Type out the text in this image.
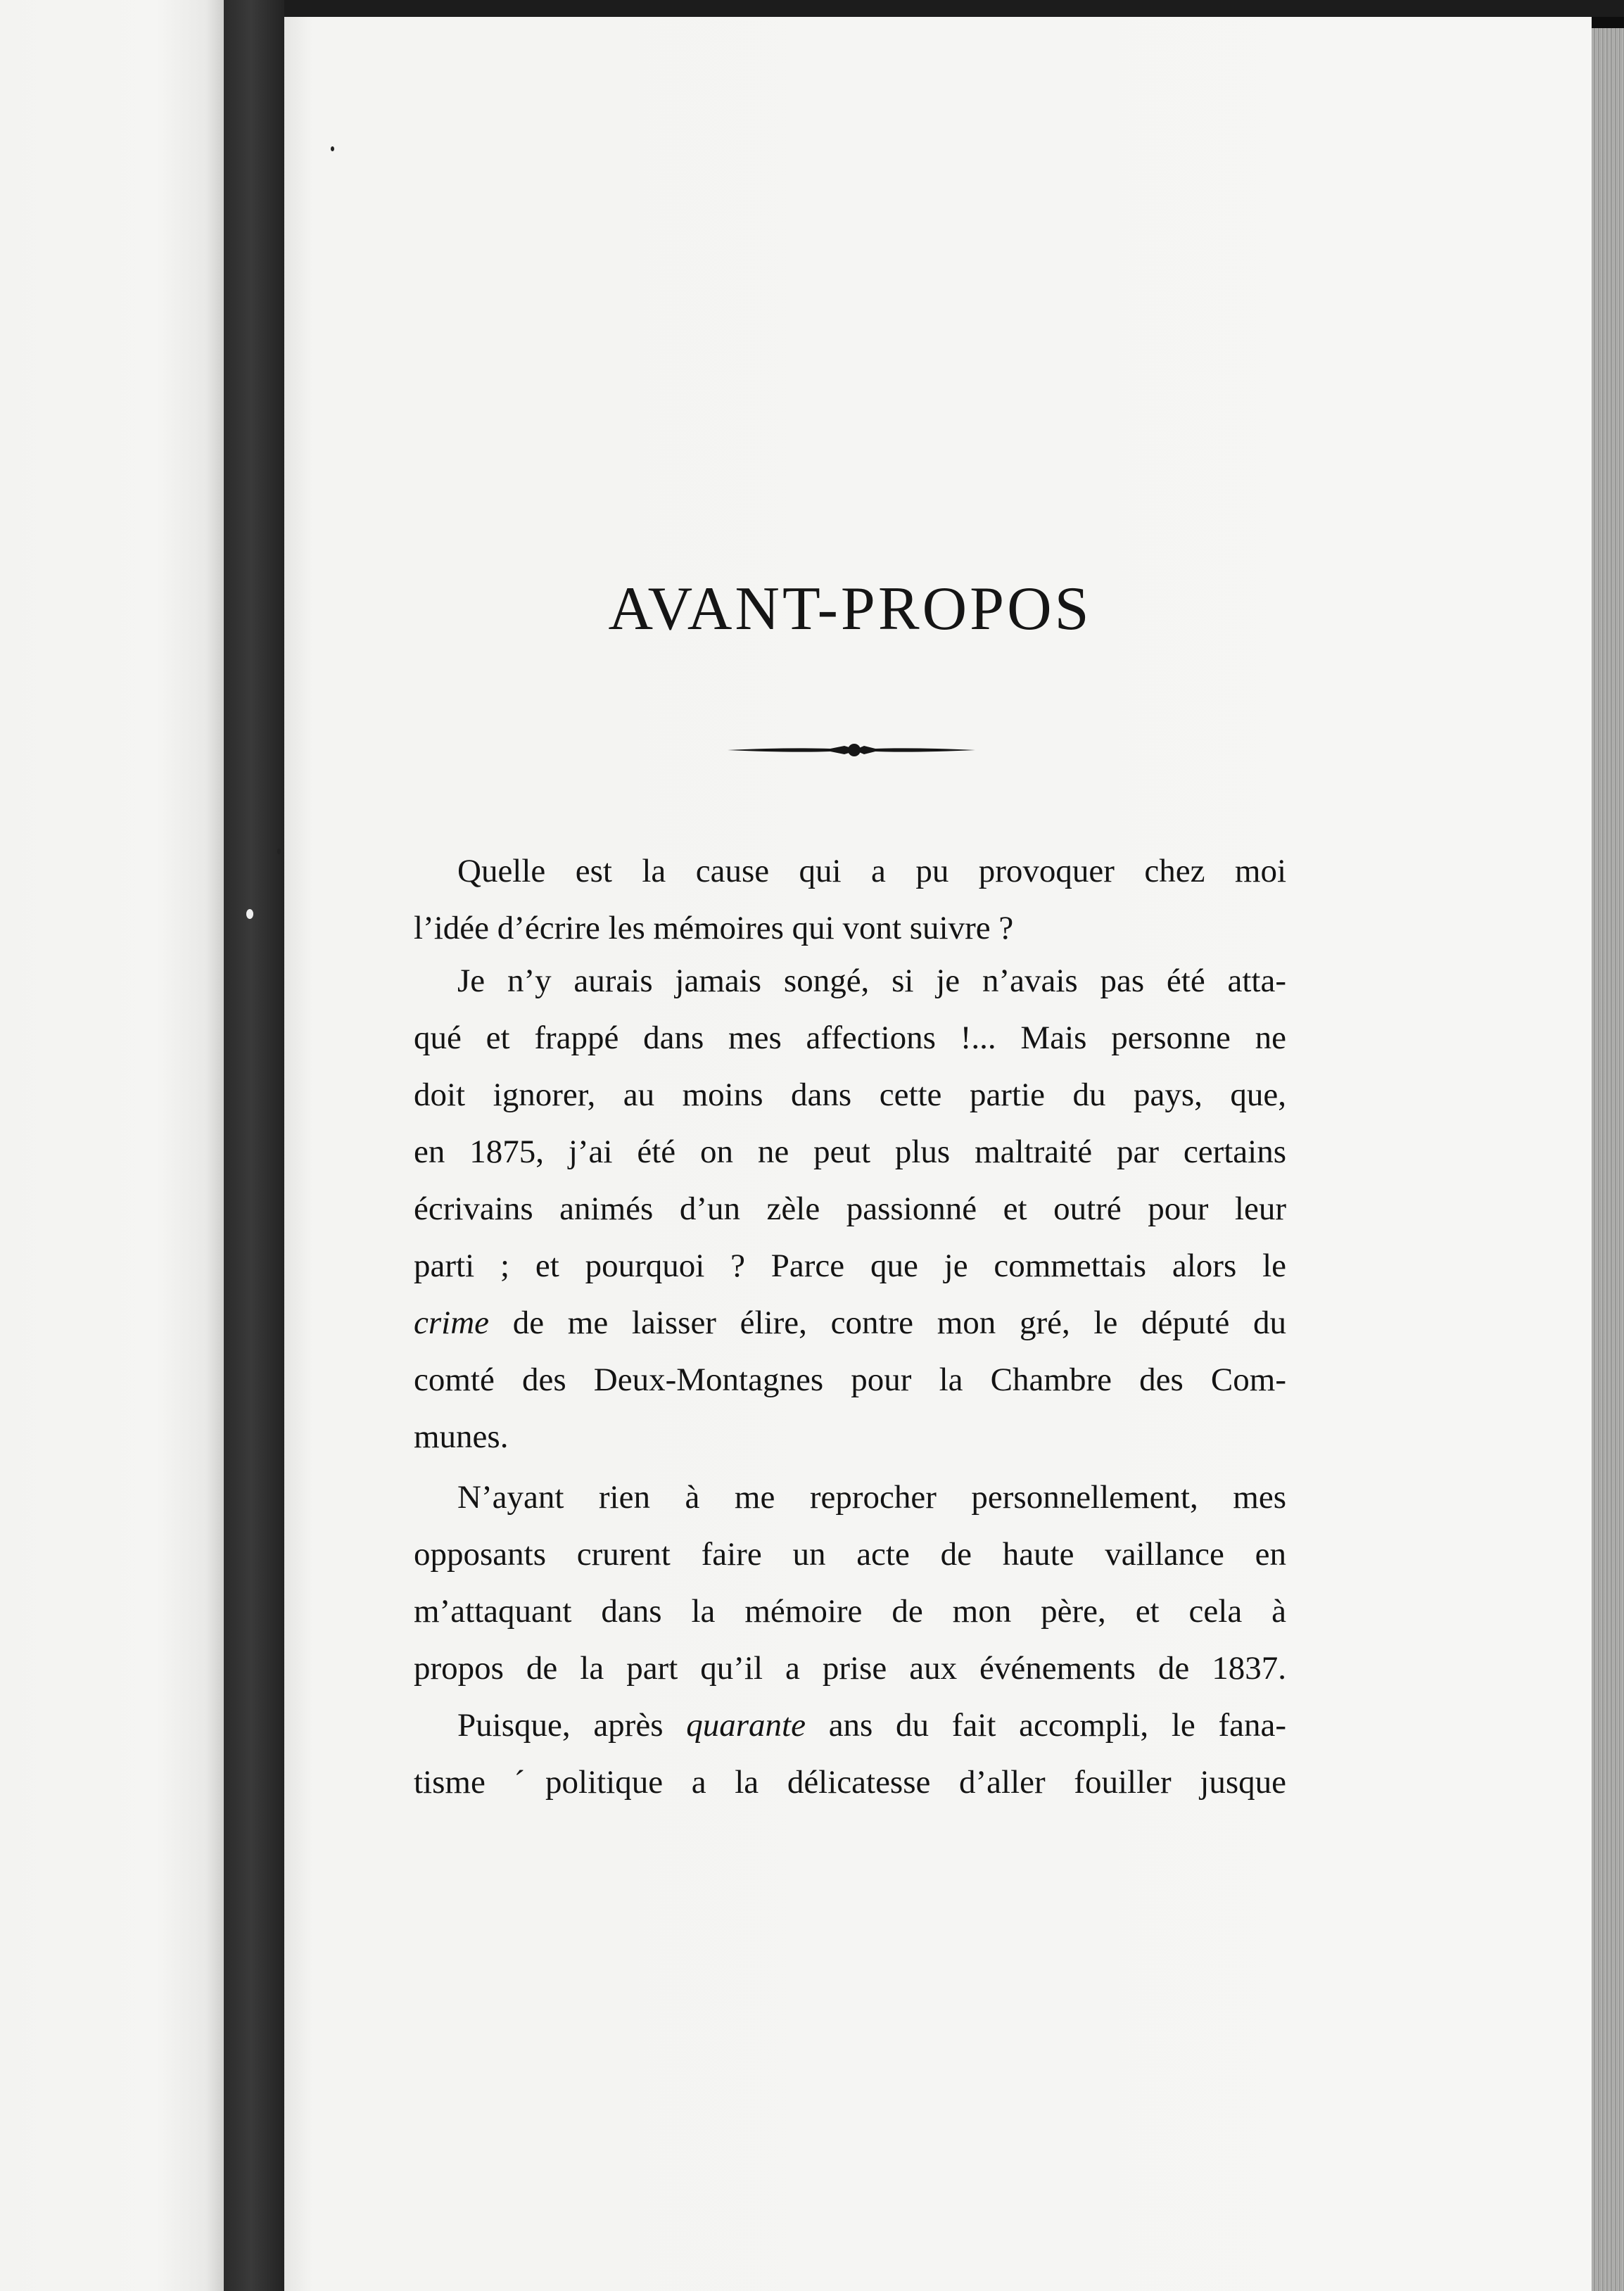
AVANT-PROPOS
Quelle est la cause qui a pu provoquer chez moi
l’idée d’écrire les mémoires qui vont suivre ?
Je n’y aurais jamais songé, si je n’avais pas été atta-
qué et frappé dans mes affections !... Mais personne ne
doit ignorer, au moins dans cette partie du pays, que,
en 1875, j’ai été on ne peut plus maltraité par certains
écrivains animés d’un zèle passionné et outré pour leur
parti ; et pourquoi ? Parce que je commettais alors le
crime de me laisser élire, contre mon gré, le député du
comté des Deux-Montagnes pour la Chambre des Com-
munes.
N’ayant rien à me reprocher personnellement, mes
opposants crurent faire un acte de haute vaillance en
m’attaquant dans la mémoire de mon père, et cela à
propos de la part qu’il a prise aux événements de 1837.
Puisque, après quarante ans du fait accompli, le fana-
tisme ˊpolitique a la délicatesse d’aller fouiller jusque
